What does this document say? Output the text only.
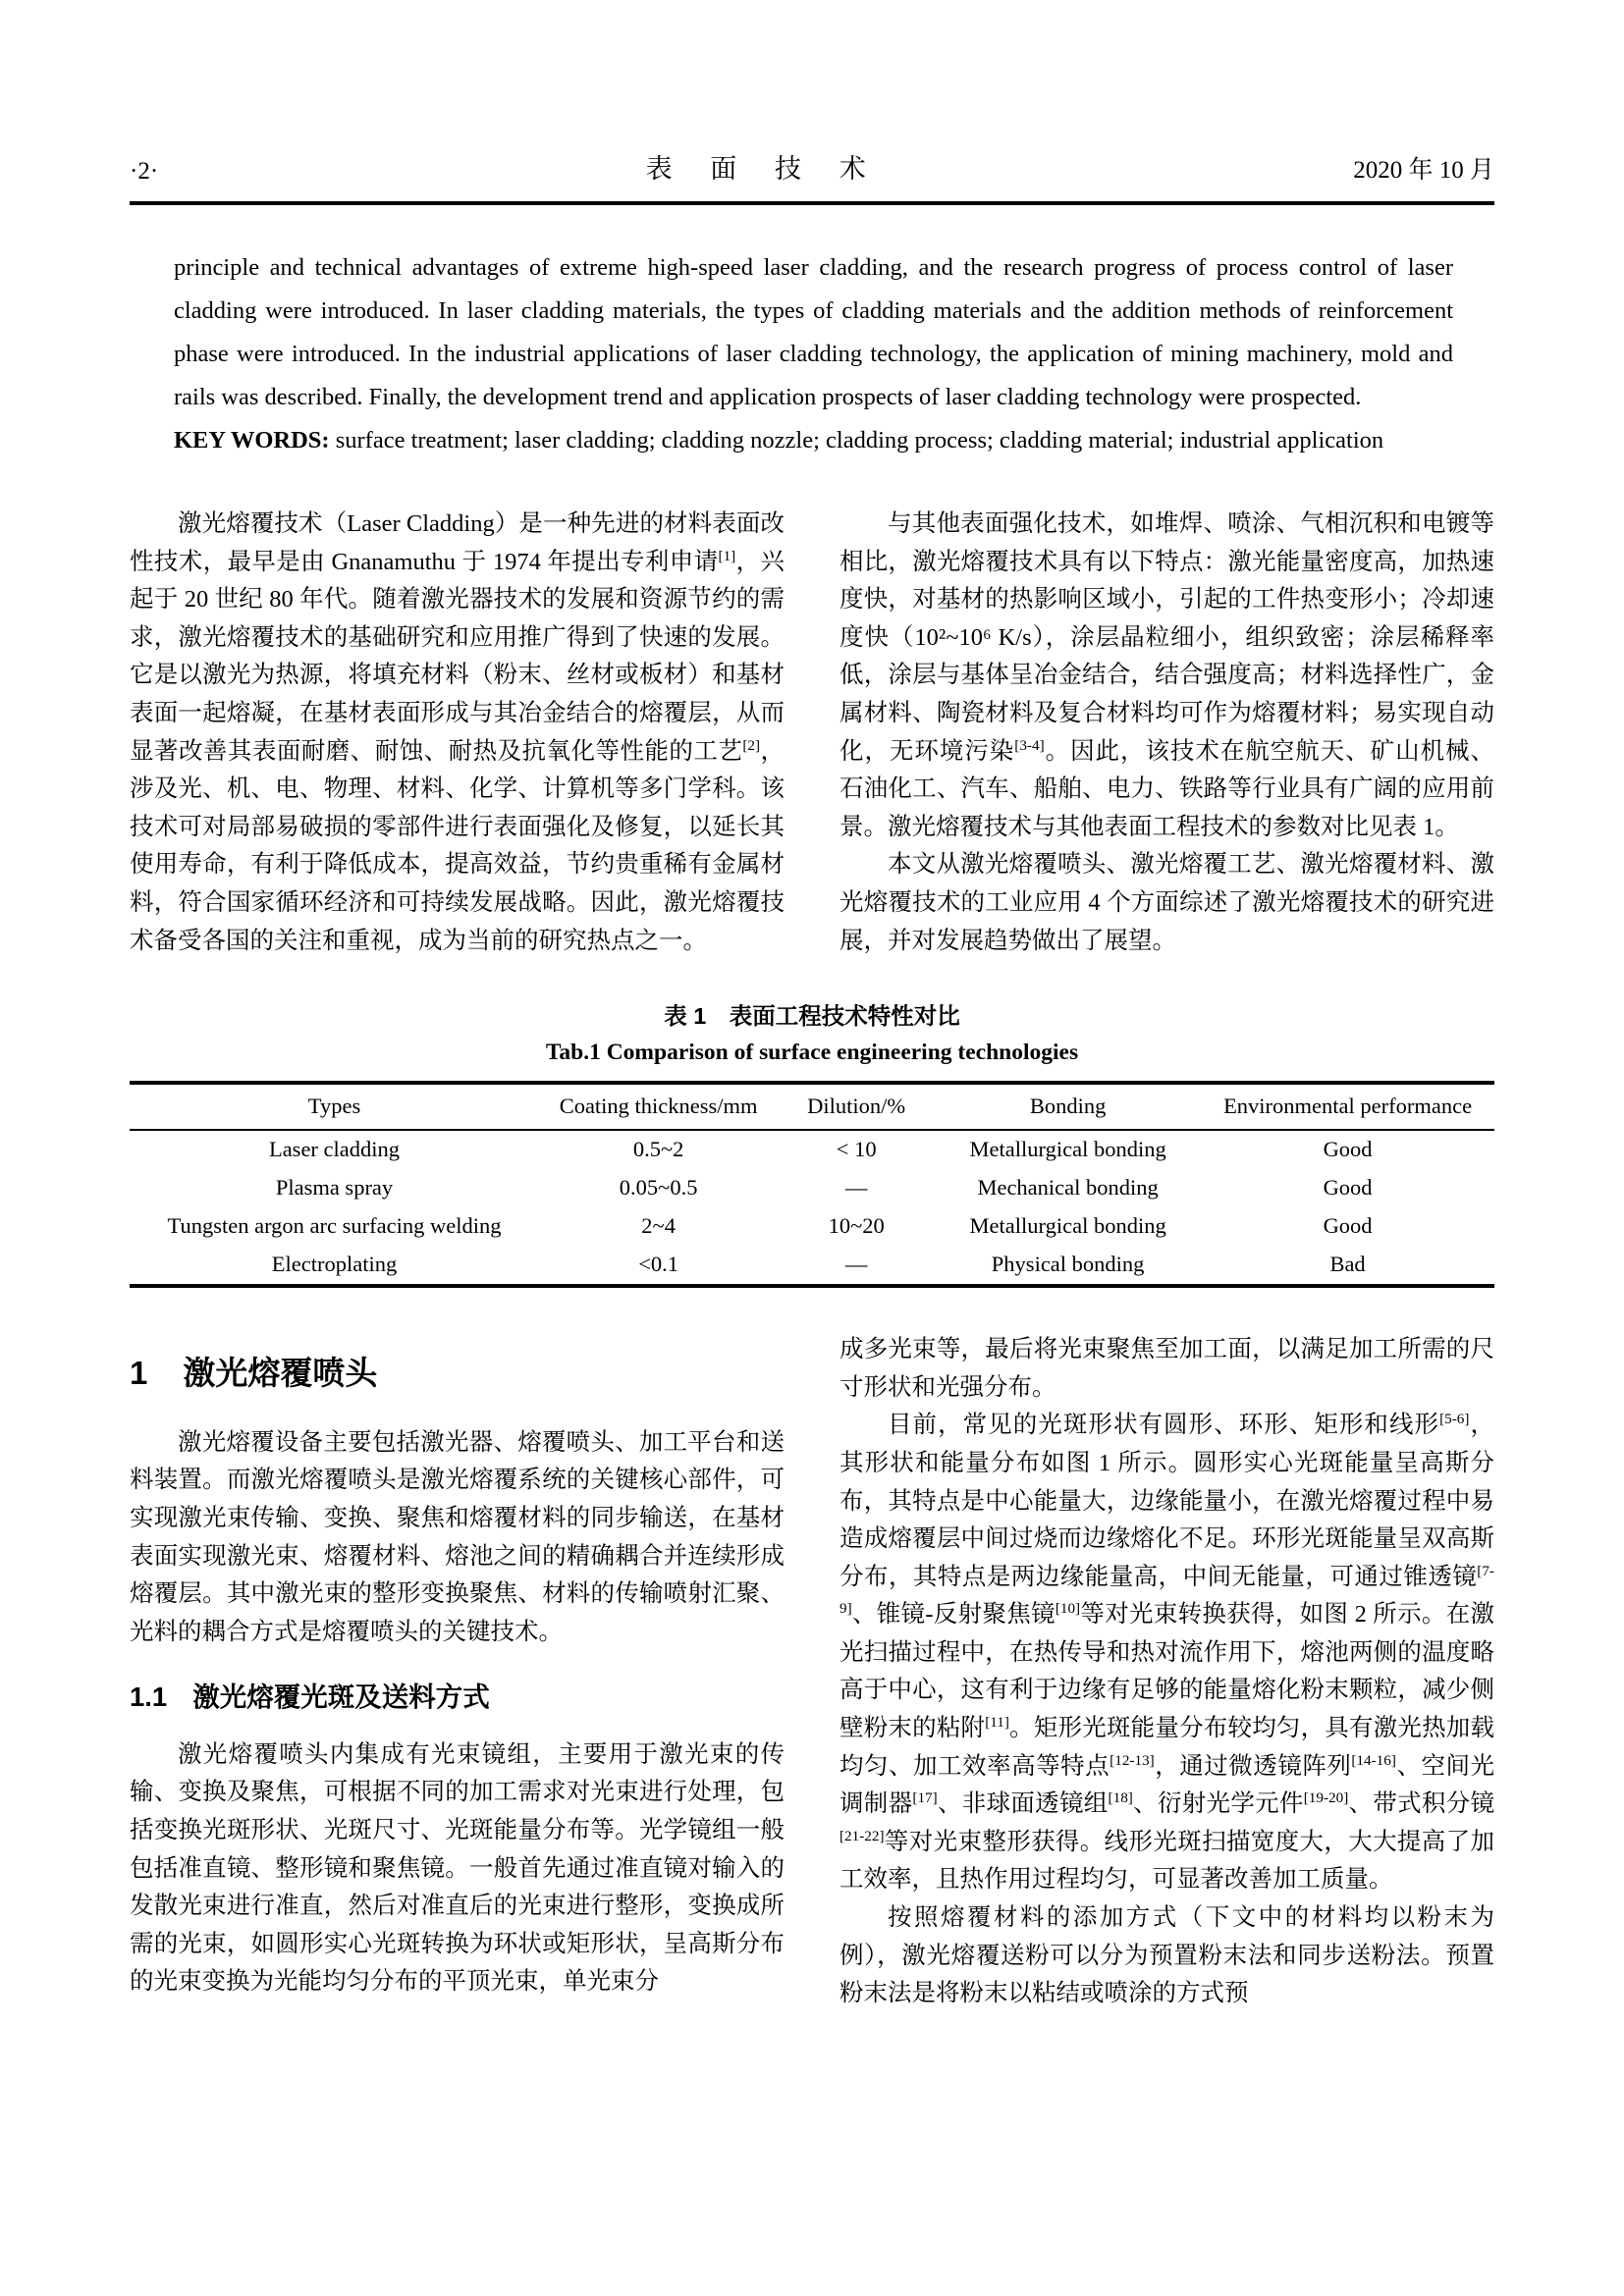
·2·	表 面 技 术	2020 年 10 月

principle and technical advantages of extreme high-speed laser cladding, and the research progress of process control of laser cladding were introduced. In laser cladding materials, the types of cladding materials and the addition methods of reinforcement phase were introduced. In the industrial applications of laser cladding technology, the application of mining machinery, mold and rails was described. Finally, the development trend and application prospects of laser cladding technology were prospected.

KEY WORDS: surface treatment; laser cladding; cladding nozzle; cladding process; cladding material; industrial application

激光熔覆技术（Laser Cladding）是一种先进的材料表面改性技术，最早是由 Gnanamuthu 于 1974 年提出专利申请[1]，兴起于 20 世纪 80 年代。随着激光器技术的发展和资源节约的需求，激光熔覆技术的基础研究和应用推广得到了快速的发展。它是以激光为热源，将填充材料（粉末、丝材或板材）和基材表面一起熔凝，在基材表面形成与其冶金结合的熔覆层，从而显著改善其表面耐磨、耐蚀、耐热及抗氧化等性能的工艺[2]，涉及光、机、电、物理、材料、化学、计算机等多门学科。该技术可对局部易破损的零部件进行表面强化及修复，以延长其使用寿命，有利于降低成本，提高效益，节约贵重稀有金属材料，符合国家循环经济和可持续发展战略。因此，激光熔覆技术备受各国的关注和重视，成为当前的研究热点之一。

与其他表面强化技术，如堆焊、喷涂、气相沉积和电镀等相比，激光熔覆技术具有以下特点：激光能量密度高，加热速度快，对基材的热影响区域小，引起的工件热变形小；冷却速度快（10²~10⁶ K/s），涂层晶粒细小，组织致密；涂层稀释率低，涂层与基体呈冶金结合，结合强度高；材料选择性广，金属材料、陶瓷材料及复合材料均可作为熔覆材料；易实现自动化，无环境污染[3-4]。因此，该技术在航空航天、矿山机械、石油化工、汽车、船舶、电力、铁路等行业具有广阔的应用前景。激光熔覆技术与其他表面工程技术的参数对比见表 1。

本文从激光熔覆喷头、激光熔覆工艺、激光熔覆材料、激光熔覆技术的工业应用 4 个方面综述了激光熔覆技术的研究进展，并对发展趋势做出了展望。

表 1　表面工程技术特性对比
Tab.1 Comparison of surface engineering technologies
Types	Coating thickness/mm	Dilution/%	Bonding	Environmental performance
Laser cladding	0.5~2	< 10	Metallurgical bonding	Good
Plasma spray	0.05~0.5	—	Mechanical bonding	Good
Tungsten argon arc surfacing welding	2~4	10~20	Metallurgical bonding	Good
Electroplating	<0.1	—	Physical bonding	Bad
1 激光熔覆喷头

激光熔覆设备主要包括激光器、熔覆喷头、加工平台和送料装置。而激光熔覆喷头是激光熔覆系统的关键核心部件，可实现激光束传输、变换、聚焦和熔覆材料的同步输送，在基材表面实现激光束、熔覆材料、熔池之间的精确耦合并连续形成熔覆层。其中激光束的整形变换聚焦、材料的传输喷射汇聚、光料的耦合方式是熔覆喷头的关键技术。

1.1 激光熔覆光斑及送料方式

激光熔覆喷头内集成有光束镜组，主要用于激光束的传输、变换及聚焦，可根据不同的加工需求对光束进行处理，包括变换光斑形状、光斑尺寸、光斑能量分布等。光学镜组一般包括准直镜、整形镜和聚焦镜。一般首先通过准直镜对输入的发散光束进行准直，然后对准直后的光束进行整形，变换成所需的光束，如圆形实心光斑转换为环状或矩形状，呈高斯分布的光束变换为光能均匀分布的平顶光束，单光束分

成多光束等，最后将光束聚焦至加工面，以满足加工所需的尺寸形状和光强分布。

目前，常见的光斑形状有圆形、环形、矩形和线形[5-6]，其形状和能量分布如图 1 所示。圆形实心光斑能量呈高斯分布，其特点是中心能量大，边缘能量小，在激光熔覆过程中易造成熔覆层中间过烧而边缘熔化不足。环形光斑能量呈双高斯分布，其特点是两边缘能量高，中间无能量，可通过锥透镜[7-9]、锥镜-反射聚焦镜[10]等对光束转换获得，如图 2 所示。在激光扫描过程中，在热传导和热对流作用下，熔池两侧的温度略高于中心，这有利于边缘有足够的能量熔化粉末颗粒，减少侧壁粉末的粘附[11]。矩形光斑能量分布较均匀，具有激光热加载均匀、加工效率高等特点[12-13]，通过微透镜阵列[14-16]、空间光调制器[17]、非球面透镜组[18]、衍射光学元件[19-20]、带式积分镜[21-22]等对光束整形获得。线形光斑扫描宽度大，大大提高了加工效率，且热作用过程均匀，可显著改善加工质量。

按照熔覆材料的添加方式（下文中的材料均以粉末为例），激光熔覆送粉可以分为预置粉末法和同步送粉法。预置粉末法是将粉末以粘结或喷涂的方式预
